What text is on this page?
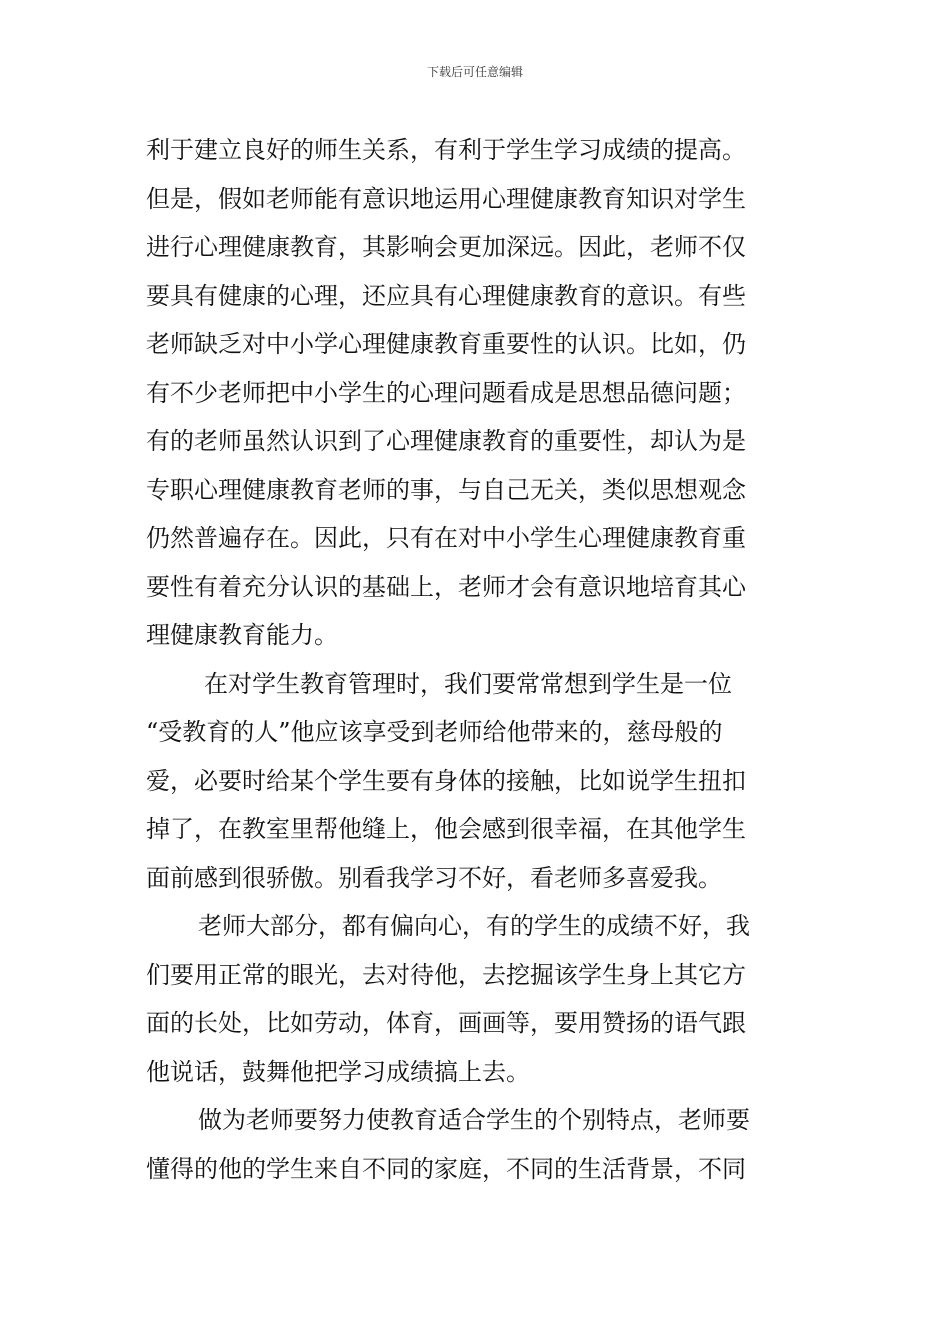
下载后可任意编辑
利于建立良好的师生关系，有利于学生学习成绩的提高。
但是，假如老师能有意识地运用心理健康教育知识对学生
进行心理健康教育，其影响会更加深远。因此，老师不仅
要具有健康的心理，还应具有心理健康教育的意识。有些
老师缺乏对中小学心理健康教育重要性的认识。比如，仍
有不少老师把中小学生的心理问题看成是思想品德问题；
有的老师虽然认识到了心理健康教育的重要性，却认为是
专职心理健康教育老师的事，与自己无关，类似思想观念
仍然普遍存在。因此，只有在对中小学生心理健康教育重
要性有着充分认识的基础上，老师才会有意识地培育其心
理健康教育能力。
在对学生教育管理时，我们要常常想到学生是一位
“受教育的人”他应该享受到老师给他带来的，慈母般的
爱，必要时给某个学生要有身体的接触，比如说学生扭扣
掉了，在教室里帮他缝上，他会感到很幸福，在其他学生
面前感到很骄傲。别看我学习不好，看老师多喜爱我。
老师大部分，都有偏向心，有的学生的成绩不好，我
们要用正常的眼光，去对待他，去挖掘该学生身上其它方
面的长处，比如劳动，体育，画画等，要用赞扬的语气跟
他说话，鼓舞他把学习成绩搞上去。
做为老师要努力使教育适合学生的个别特点，老师要
懂得的他的学生来自不同的家庭，不同的生活背景，不同
